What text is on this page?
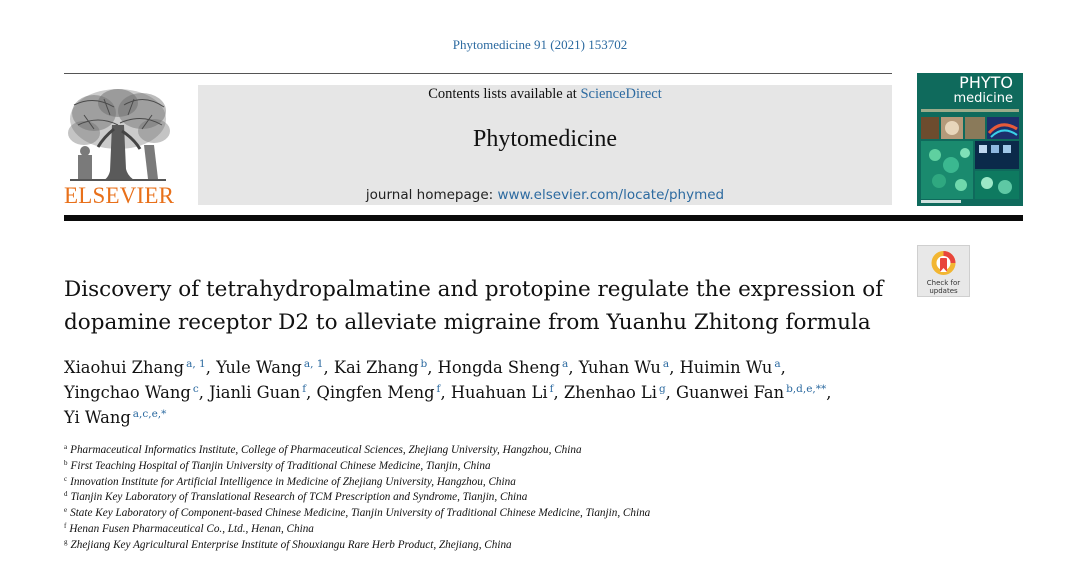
Phytomedicine 91 (2021) 153702
ELSEVIER
Contents lists available at ScienceDirect
Phytomedicine
journal homepage: www.elsevier.com/locate/phymed
PHYTO
medicine
Check for
updates
Discovery of tetrahydropalmatine and protopine regulate the expression of
dopamine receptor D2 to alleviate migraine from Yuanhu Zhitong formula
Xiaohui Zhang $^{a, 1}$, Yule Wang $^{a, 1}$, Kai Zhang $^b$, Hongda Sheng $^a$, Yuhan Wu $^a$, Huimin Wu $^a$,
Yingchao Wang $^c$, Jianli Guan $^f$, Qingfen Meng $^f$, Huahuan Li $^f$, Zhenhao Li $^g$, Guanwei Fan $^{b,d,e,**}$,
Yi Wang $^{a,c,e,*}$
$^a$ Pharmaceutical Informatics Institute, College of Pharmaceutical Sciences, Zhejiang University, Hangzhou, China
$^b$ First Teaching Hospital of Tianjin University of Traditional Chinese Medicine, Tianjin, China
$^c$ Innovation Institute for Artificial Intelligence in Medicine of Zhejiang University, Hangzhou, China
$^d$ Tianjin Key Laboratory of Translational Research of TCM Prescription and Syndrome, Tianjin, China
$^e$ State Key Laboratory of Component-based Chinese Medicine, Tianjin University of Traditional Chinese Medicine, Tianjin, China
$^f$ Henan Fusen Pharmaceutical Co., Ltd., Henan, China
$^g$ Zhejiang Key Agricultural Enterprise Institute of Shouxiangu Rare Herb Product, Zhejiang, China
